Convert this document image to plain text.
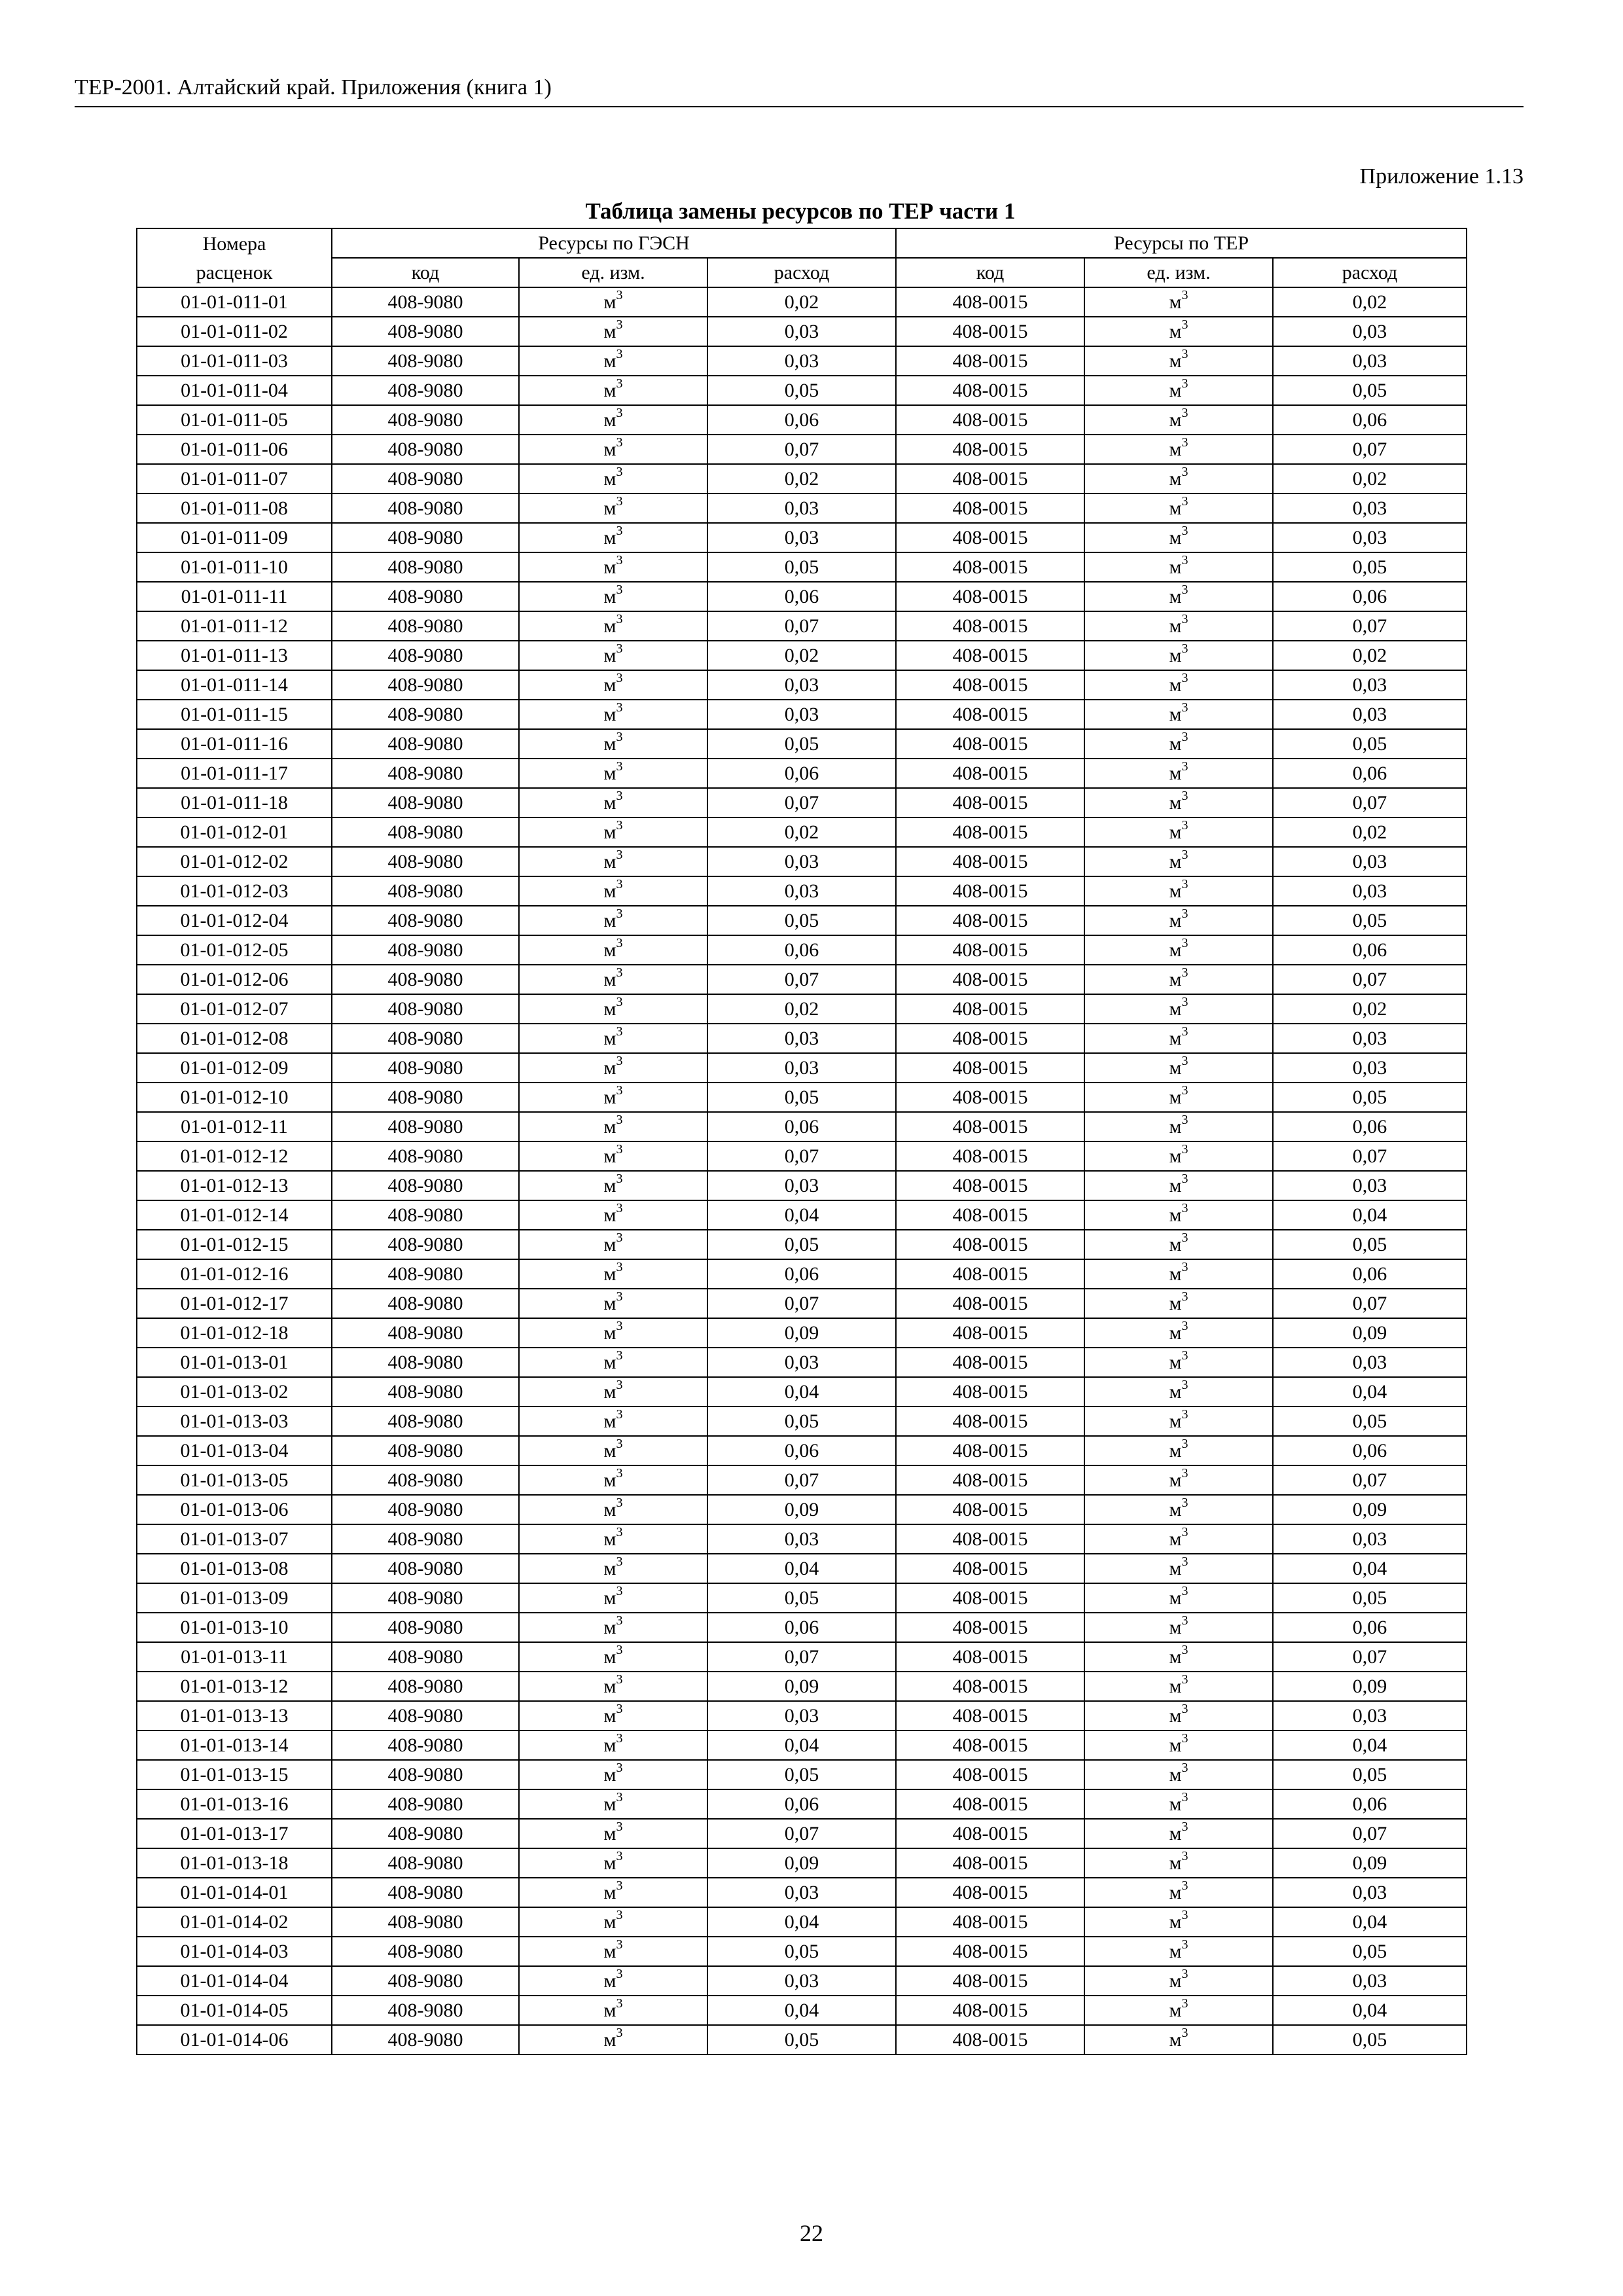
ТЕР-2001. Алтайский край. Приложения (книга 1)
Приложение 1.13
Таблица замены ресурсов по ТЕР части 1
Номера	Ресурсы по ГЭСН			Ресурсы по ТЕР		
расценок	код	ед. изм.	расход	код	ед. изм.	расход
01-01-011-01	408-9080	$м^3$	0,02	408-0015	$м^3$	0,02
01-01-011-02	408-9080	$м^3$	0,03	408-0015	$м^3$	0,03
01-01-011-03	408-9080	$м^3$	0,03	408-0015	$м^3$	0,03
01-01-011-04	408-9080	$м^3$	0,05	408-0015	$м^3$	0,05
01-01-011-05	408-9080	$м^3$	0,06	408-0015	$м^3$	0,06
01-01-011-06	408-9080	$м^3$	0,07	408-0015	$м^3$	0,07
01-01-011-07	408-9080	$м^3$	0,02	408-0015	$м^3$	0,02
01-01-011-08	408-9080	$м^3$	0,03	408-0015	$м^3$	0,03
01-01-011-09	408-9080	$м^3$	0,03	408-0015	$м^3$	0,03
01-01-011-10	408-9080	$м^3$	0,05	408-0015	$м^3$	0,05
01-01-011-11	408-9080	$м^3$	0,06	408-0015	$м^3$	0,06
01-01-011-12	408-9080	$м^3$	0,07	408-0015	$м^3$	0,07
01-01-011-13	408-9080	$м^3$	0,02	408-0015	$м^3$	0,02
01-01-011-14	408-9080	$м^3$	0,03	408-0015	$м^3$	0,03
01-01-011-15	408-9080	$м^3$	0,03	408-0015	$м^3$	0,03
01-01-011-16	408-9080	$м^3$	0,05	408-0015	$м^3$	0,05
01-01-011-17	408-9080	$м^3$	0,06	408-0015	$м^3$	0,06
01-01-011-18	408-9080	$м^3$	0,07	408-0015	$м^3$	0,07
01-01-012-01	408-9080	$м^3$	0,02	408-0015	$м^3$	0,02
01-01-012-02	408-9080	$м^3$	0,03	408-0015	$м^3$	0,03
01-01-012-03	408-9080	$м^3$	0,03	408-0015	$м^3$	0,03
01-01-012-04	408-9080	$м^3$	0,05	408-0015	$м^3$	0,05
01-01-012-05	408-9080	$м^3$	0,06	408-0015	$м^3$	0,06
01-01-012-06	408-9080	$м^3$	0,07	408-0015	$м^3$	0,07
01-01-012-07	408-9080	$м^3$	0,02	408-0015	$м^3$	0,02
01-01-012-08	408-9080	$м^3$	0,03	408-0015	$м^3$	0,03
01-01-012-09	408-9080	$м^3$	0,03	408-0015	$м^3$	0,03
01-01-012-10	408-9080	$м^3$	0,05	408-0015	$м^3$	0,05
01-01-012-11	408-9080	$м^3$	0,06	408-0015	$м^3$	0,06
01-01-012-12	408-9080	$м^3$	0,07	408-0015	$м^3$	0,07
01-01-012-13	408-9080	$м^3$	0,03	408-0015	$м^3$	0,03
01-01-012-14	408-9080	$м^3$	0,04	408-0015	$м^3$	0,04
01-01-012-15	408-9080	$м^3$	0,05	408-0015	$м^3$	0,05
01-01-012-16	408-9080	$м^3$	0,06	408-0015	$м^3$	0,06
01-01-012-17	408-9080	$м^3$	0,07	408-0015	$м^3$	0,07
01-01-012-18	408-9080	$м^3$	0,09	408-0015	$м^3$	0,09
01-01-013-01	408-9080	$м^3$	0,03	408-0015	$м^3$	0,03
01-01-013-02	408-9080	$м^3$	0,04	408-0015	$м^3$	0,04
01-01-013-03	408-9080	$м^3$	0,05	408-0015	$м^3$	0,05
01-01-013-04	408-9080	$м^3$	0,06	408-0015	$м^3$	0,06
01-01-013-05	408-9080	$м^3$	0,07	408-0015	$м^3$	0,07
01-01-013-06	408-9080	$м^3$	0,09	408-0015	$м^3$	0,09
01-01-013-07	408-9080	$м^3$	0,03	408-0015	$м^3$	0,03
01-01-013-08	408-9080	$м^3$	0,04	408-0015	$м^3$	0,04
01-01-013-09	408-9080	$м^3$	0,05	408-0015	$м^3$	0,05
01-01-013-10	408-9080	$м^3$	0,06	408-0015	$м^3$	0,06
01-01-013-11	408-9080	$м^3$	0,07	408-0015	$м^3$	0,07
01-01-013-12	408-9080	$м^3$	0,09	408-0015	$м^3$	0,09
01-01-013-13	408-9080	$м^3$	0,03	408-0015	$м^3$	0,03
01-01-013-14	408-9080	$м^3$	0,04	408-0015	$м^3$	0,04
01-01-013-15	408-9080	$м^3$	0,05	408-0015	$м^3$	0,05
01-01-013-16	408-9080	$м^3$	0,06	408-0015	$м^3$	0,06
01-01-013-17	408-9080	$м^3$	0,07	408-0015	$м^3$	0,07
01-01-013-18	408-9080	$м^3$	0,09	408-0015	$м^3$	0,09
01-01-014-01	408-9080	$м^3$	0,03	408-0015	$м^3$	0,03
01-01-014-02	408-9080	$м^3$	0,04	408-0015	$м^3$	0,04
01-01-014-03	408-9080	$м^3$	0,05	408-0015	$м^3$	0,05
01-01-014-04	408-9080	$м^3$	0,03	408-0015	$м^3$	0,03
01-01-014-05	408-9080	$м^3$	0,04	408-0015	$м^3$	0,04
01-01-014-06	408-9080	$м^3$	0,05	408-0015	$м^3$	0,05
22
